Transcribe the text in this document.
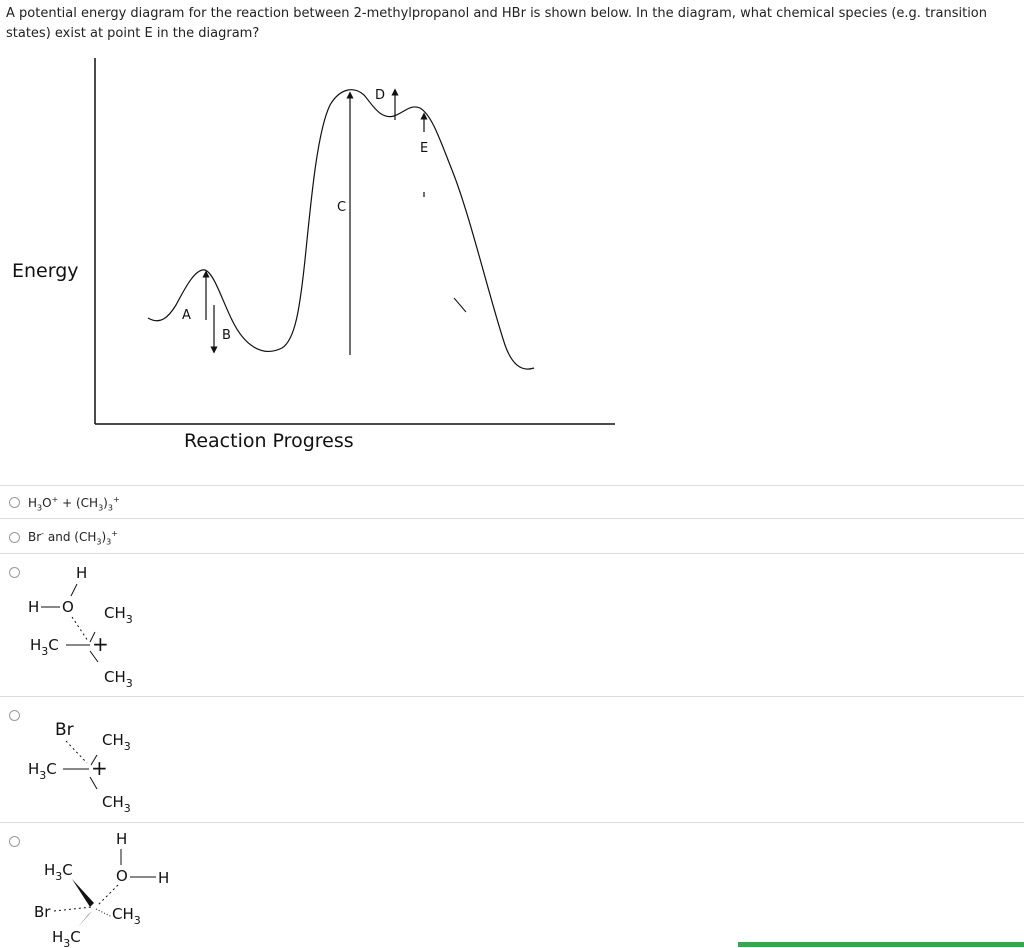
A potential energy diagram for the reaction between 2-methylpropanol and HBr is shown below. In the diagram, what chemical species (e.g. transition states) exist at point E in the diagram?
Energy
Reaction Progress
A
B
C
D
E
$H_3O^+ + (CH_3)_3^+$
Br- and $(CH_3)_3^+$
H
H O $CH_3$
$H_3C$ +
$CH_3$
Br $CH_3$
$H_3C$ +
$CH_3$
H
O H
$H_3C$
Br	$CH_3$
$H_3C$
